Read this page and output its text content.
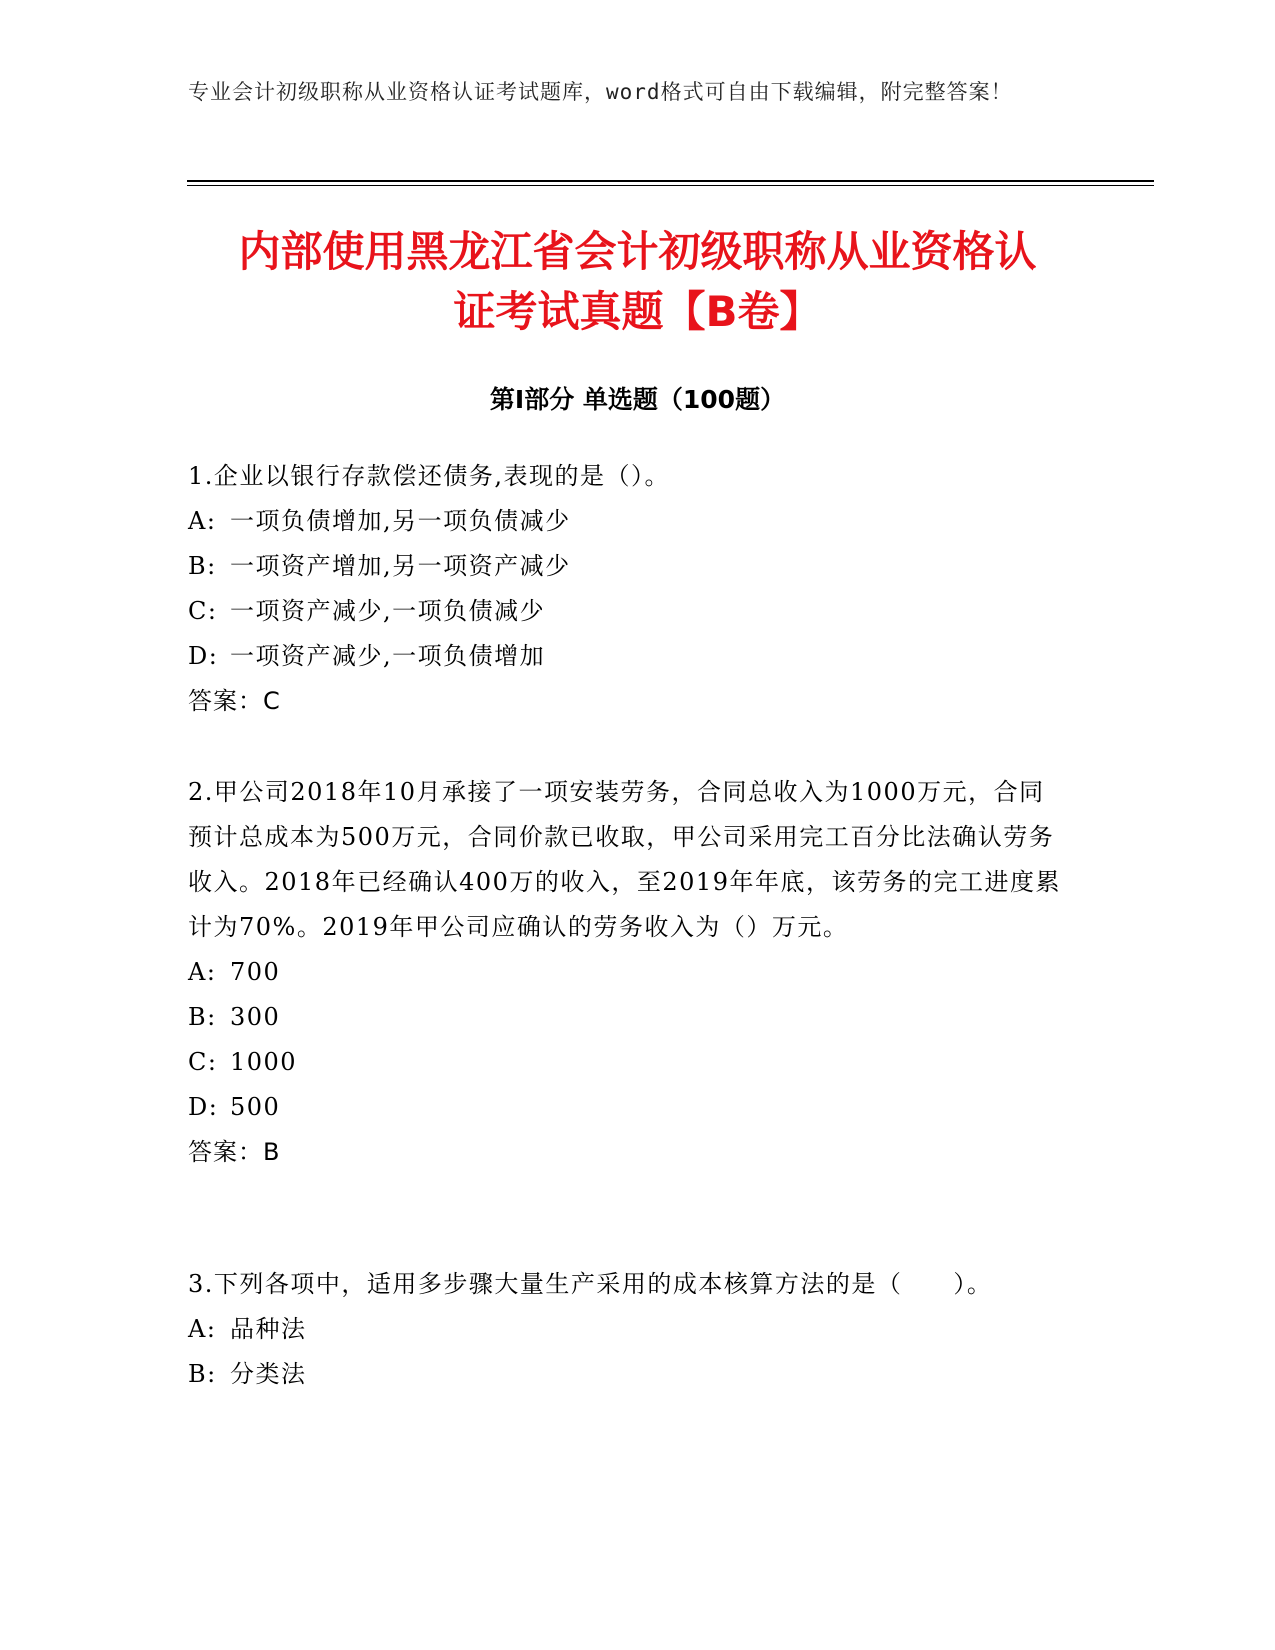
专业会计初级职称从业资格认证考试题库，word格式可自由下载编辑，附完整答案！
内部使用黑龙江省会计初级职称从业资格认
证考试真题【B卷】
第I部分 单选题（100题）
1.企业以银行存款偿还债务,表现的是（）。
A: 一项负债增加,另一项负债减少
B: 一项资产增加,另一项资产减少
C: 一项资产减少,一项负债减少
D: 一项资产减少,一项负债增加
答案：C
2.甲公司2018年10月承接了一项安装劳务，合同总收入为1000万元，合同预计总成本为500万元，合同价款已收取，甲公司采用完工百分比法确认劳务收入。2018年已经确认400万的收入，至2019年年底，该劳务的完工进度累计为70%。2019年甲公司应确认的劳务收入为（）万元。
A: 700
B: 300
C: 1000
D: 500
答案：B
3.下列各项中，适用多步骤大量生产采用的成本核算方法的是（　　）。
A: 品种法
B: 分类法
